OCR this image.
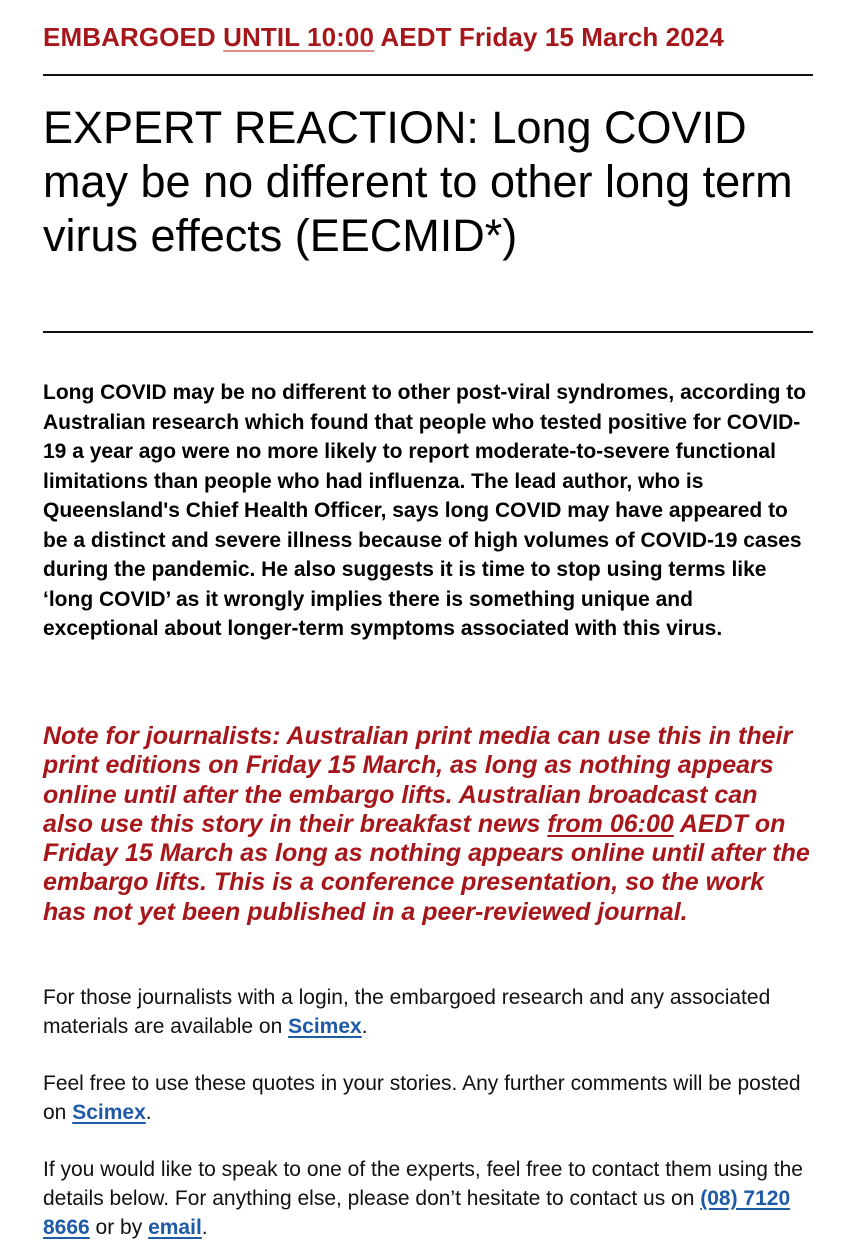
EMBARGOED UNTIL 10:00 AEDT Friday 15 March 2024
EXPERT REACTION: Long COVID may be no different to other long term virus effects (EECMID*)

Long COVID may be no different to other post-viral syndromes, according to Australian research which found that people who tested positive for COVID-19 a year ago were no more likely to report moderate-to-severe functional limitations than people who had influenza. The lead author, who is Queensland's Chief Health Officer, says long COVID may have appeared to be a distinct and severe illness because of high volumes of COVID-19 cases during the pandemic. He also suggests it is time to stop using terms like ‘long COVID’ as it wrongly implies there is something unique and exceptional about longer-term symptoms associated with this virus.

Note for journalists: Australian print media can use this in their print editions on Friday 15 March, as long as nothing appears online until after the embargo lifts. Australian broadcast can also use this story in their breakfast news from 06:00 AEDT on Friday 15 March as long as nothing appears online until after the embargo lifts. This is a conference presentation, so the work has not yet been published in a peer-reviewed journal.

For those journalists with a login, the embargoed research and any associated materials are available on Scimex.

Feel free to use these quotes in your stories. Any further comments will be posted on Scimex.

If you would like to speak to one of the experts, feel free to contact them using the details below. For anything else, please don’t hesitate to contact us on (08) 7120 8666 or by email.
